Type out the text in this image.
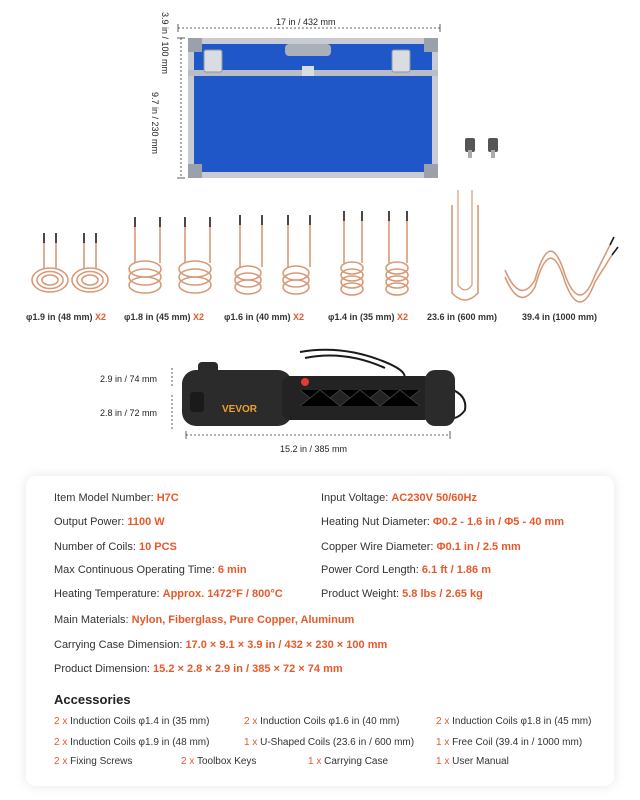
17 in / 432 mm
3.9 in / 100 mm
9.7 in / 230 mm
φ1.9 in (48 mm) X2 φ1.8 in (45 mm) X2 φ1.6 in (40 mm) X2	φ1.4 in (35 mm) X2 23.6 in (600 mm)	39.4 in (1000 mm)
VEVOR
2.9 in / 74 mm
2.8 in / 72 mm
15.2 in / 385 mm
Item Model Number: H7C
Output Power: 1100 W
Number of Coils: 10 PCS
Max Continuous Operating Time: 6 min
Heating Temperature: Approx. 1472°F / 800°C
Input Voltage: AC230V 50/60Hz
Heating Nut Diameter: Φ0.2 - 1.6 in / Φ5 - 40 mm
Copper Wire Diameter: Φ0.1 in / 2.5 mm
Power Cord Length: 6.1 ft / 1.86 m
Product Weight: 5.8 lbs / 2.65 kg
Main Materials: Nylon, Fiberglass, Pure Copper, Aluminum
Carrying Case Dimension: 17.0 × 9.1 × 3.9 in / 432 × 230 × 100 mm
Product Dimension: 15.2 × 2.8 × 2.9 in / 385 × 72 × 74 mm
Accessories
2 x Induction Coils φ1.4 in (35 mm)	2 x Induction Coils φ1.6 in (40 mm)	2 x Induction Coils φ1.8 in (45 mm)
2 x Induction Coils φ1.9 in (48 mm)	1 x U-Shaped Coils (23.6 in / 600 mm) 1 x Free Coil (39.4 in / 1000 mm)
2 x Fixing Screws	2 x Toolbox Keys	1 x Carrying Case	1 x User Manual
